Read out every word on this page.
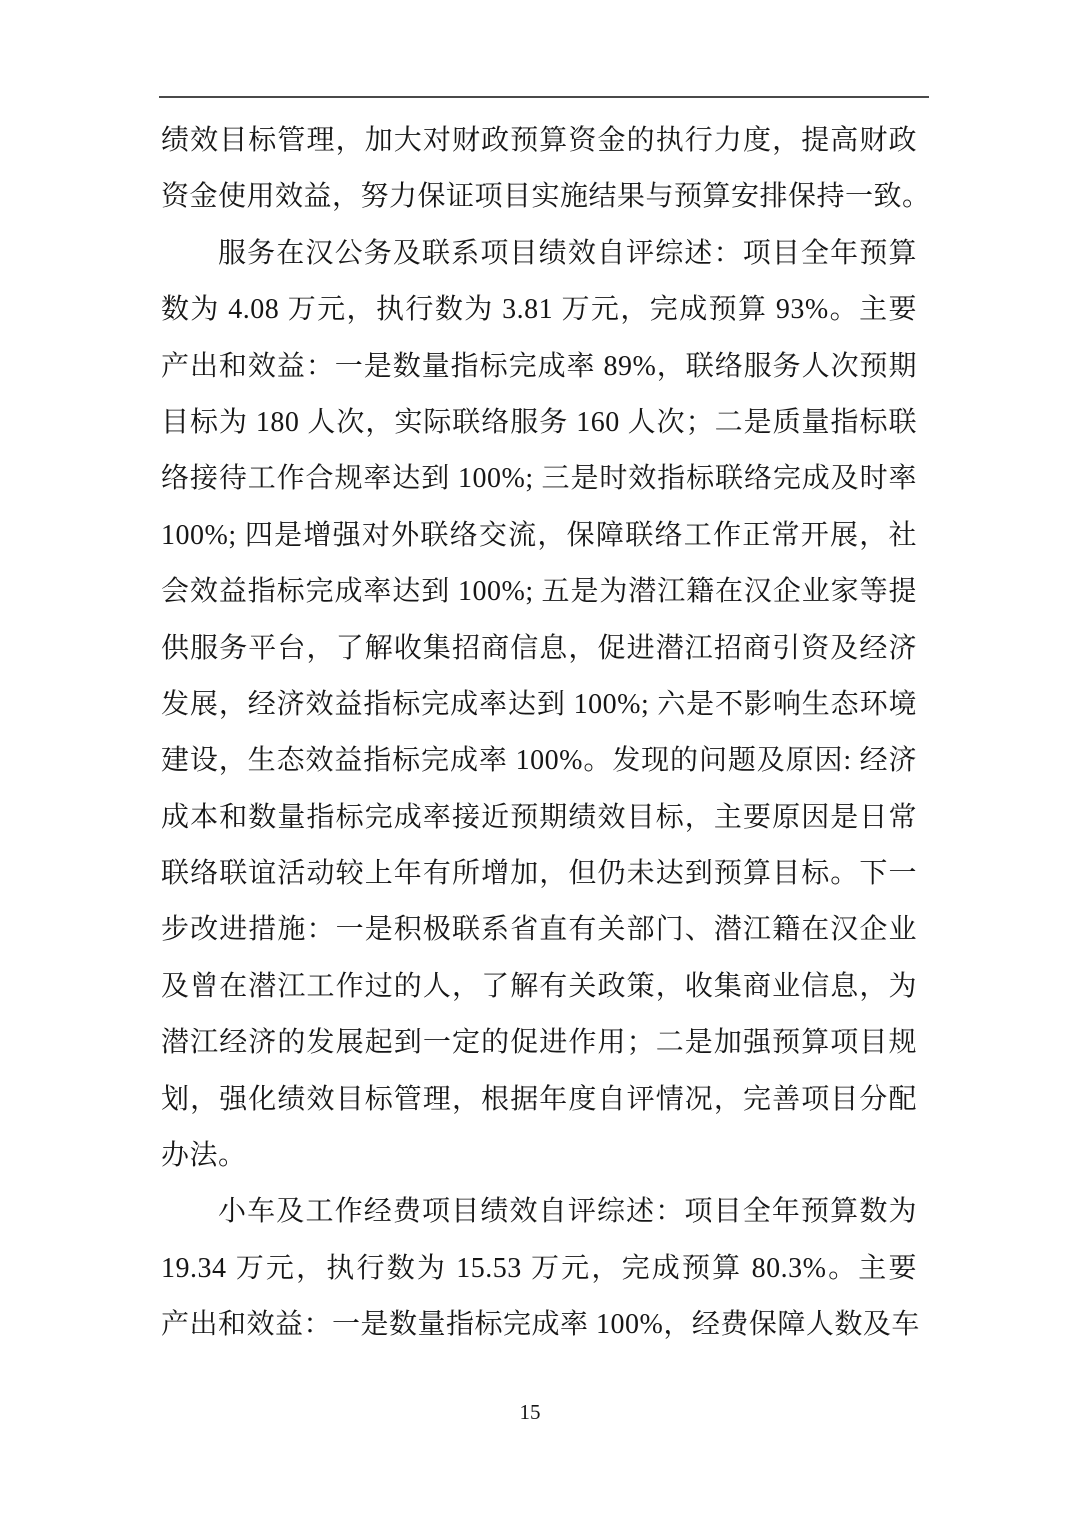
绩效目标管理，加大对财政预算资金的执行力度，提高财政
资金使用效益，努力保证项目实施结果与预算安排保持一致。
服务在汉公务及联系项目绩效自评综述：项目全年预算
数为 4.08 万元，执行数为 3.81 万元，完成预算 93%。主要
产出和效益：一是数量指标完成率 89%，联络服务人次预期
目标为 180 人次，实际联络服务 160 人次；二是质量指标联
络接待工作合规率达到 100%; 三是时效指标联络完成及时率
100%; 四是增强对外联络交流，保障联络工作正常开展，社
会效益指标完成率达到 100%; 五是为潜江籍在汉企业家等提
供服务平台，了解收集招商信息，促进潜江招商引资及经济
发展，经济效益指标完成率达到 100%; 六是不影响生态环境
建设，生态效益指标完成率 100%。发现的问题及原因: 经济
成本和数量指标完成率接近预期绩效目标，主要原因是日常
联络联谊活动较上年有所增加，但仍未达到预算目标。下一
步改进措施：一是积极联系省直有关部门、潜江籍在汉企业
及曾在潜江工作过的人，了解有关政策，收集商业信息，为
潜江经济的发展起到一定的促进作用；二是加强预算项目规
划，强化绩效目标管理，根据年度自评情况，完善项目分配
办法。
小车及工作经费项目绩效自评综述：项目全年预算数为
19.34 万元，执行数为 15.53 万元，完成预算 80.3%。主要
产出和效益：一是数量指标完成率 100%，经费保障人数及车
15
